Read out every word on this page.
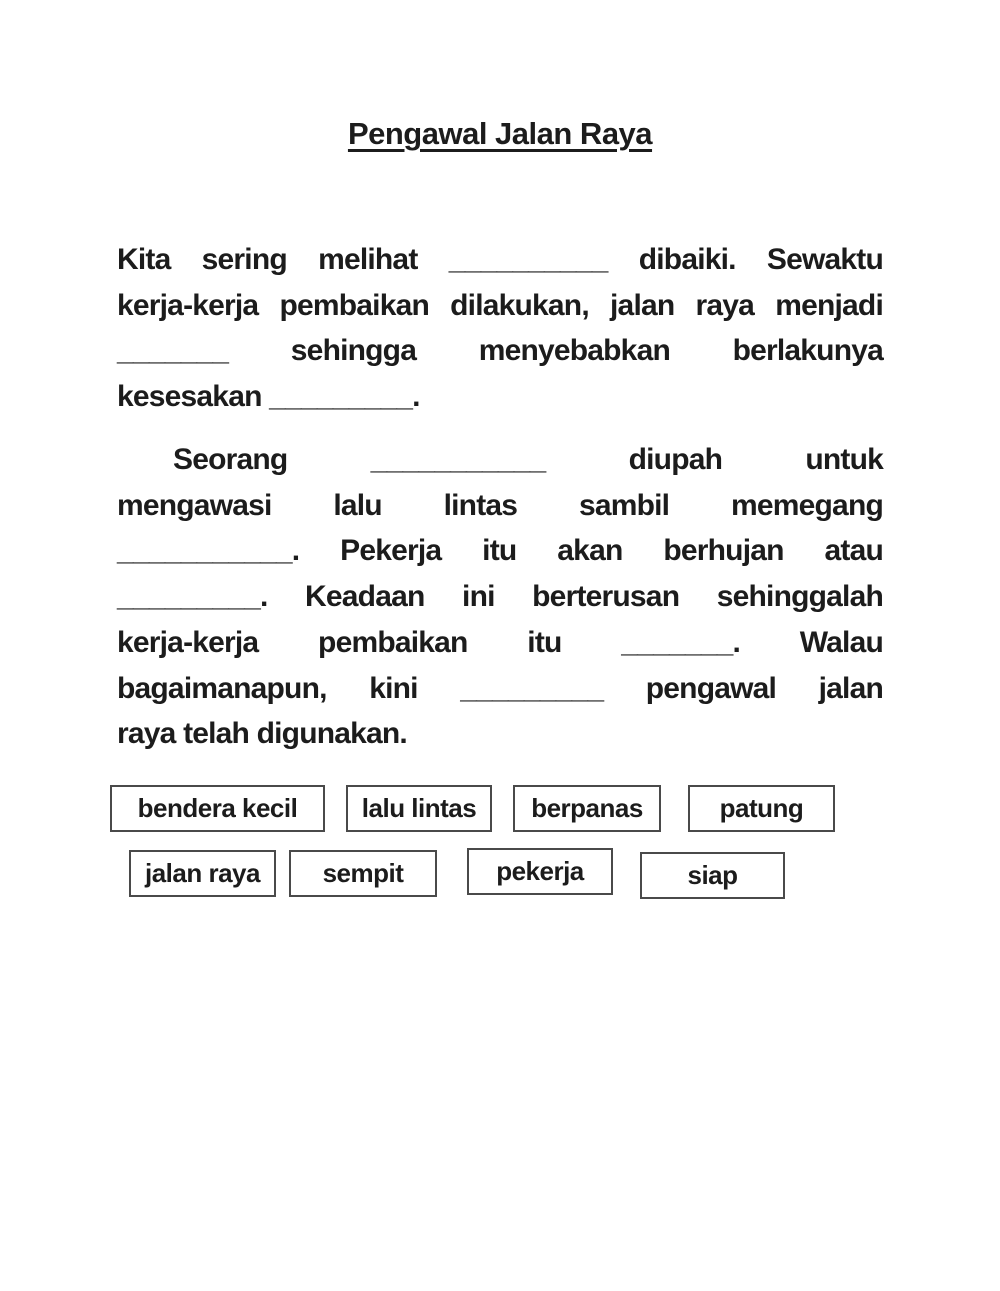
Pengawal Jalan Raya
Kita sering melihat __________ dibaiki. Sewaktu
kerja-kerja pembaikan dilakukan, jalan raya menjadi
_______ sehingga menyebabkan berlakunya
kesesakan _________.
Seorang ___________ diupah untuk
mengawasi lalu lintas sambil memegang
___________. Pekerja itu akan berhujan atau
_________. Keadaan ini berterusan sehinggalah
kerja-kerja pembaikan itu _______. Walau
bagaimanapun, kini _________ pengawal jalan
raya telah digunakan.
bendera kecil	lalu lintas	berpanas	patung
jalan raya	sempit	pekerja	siap
